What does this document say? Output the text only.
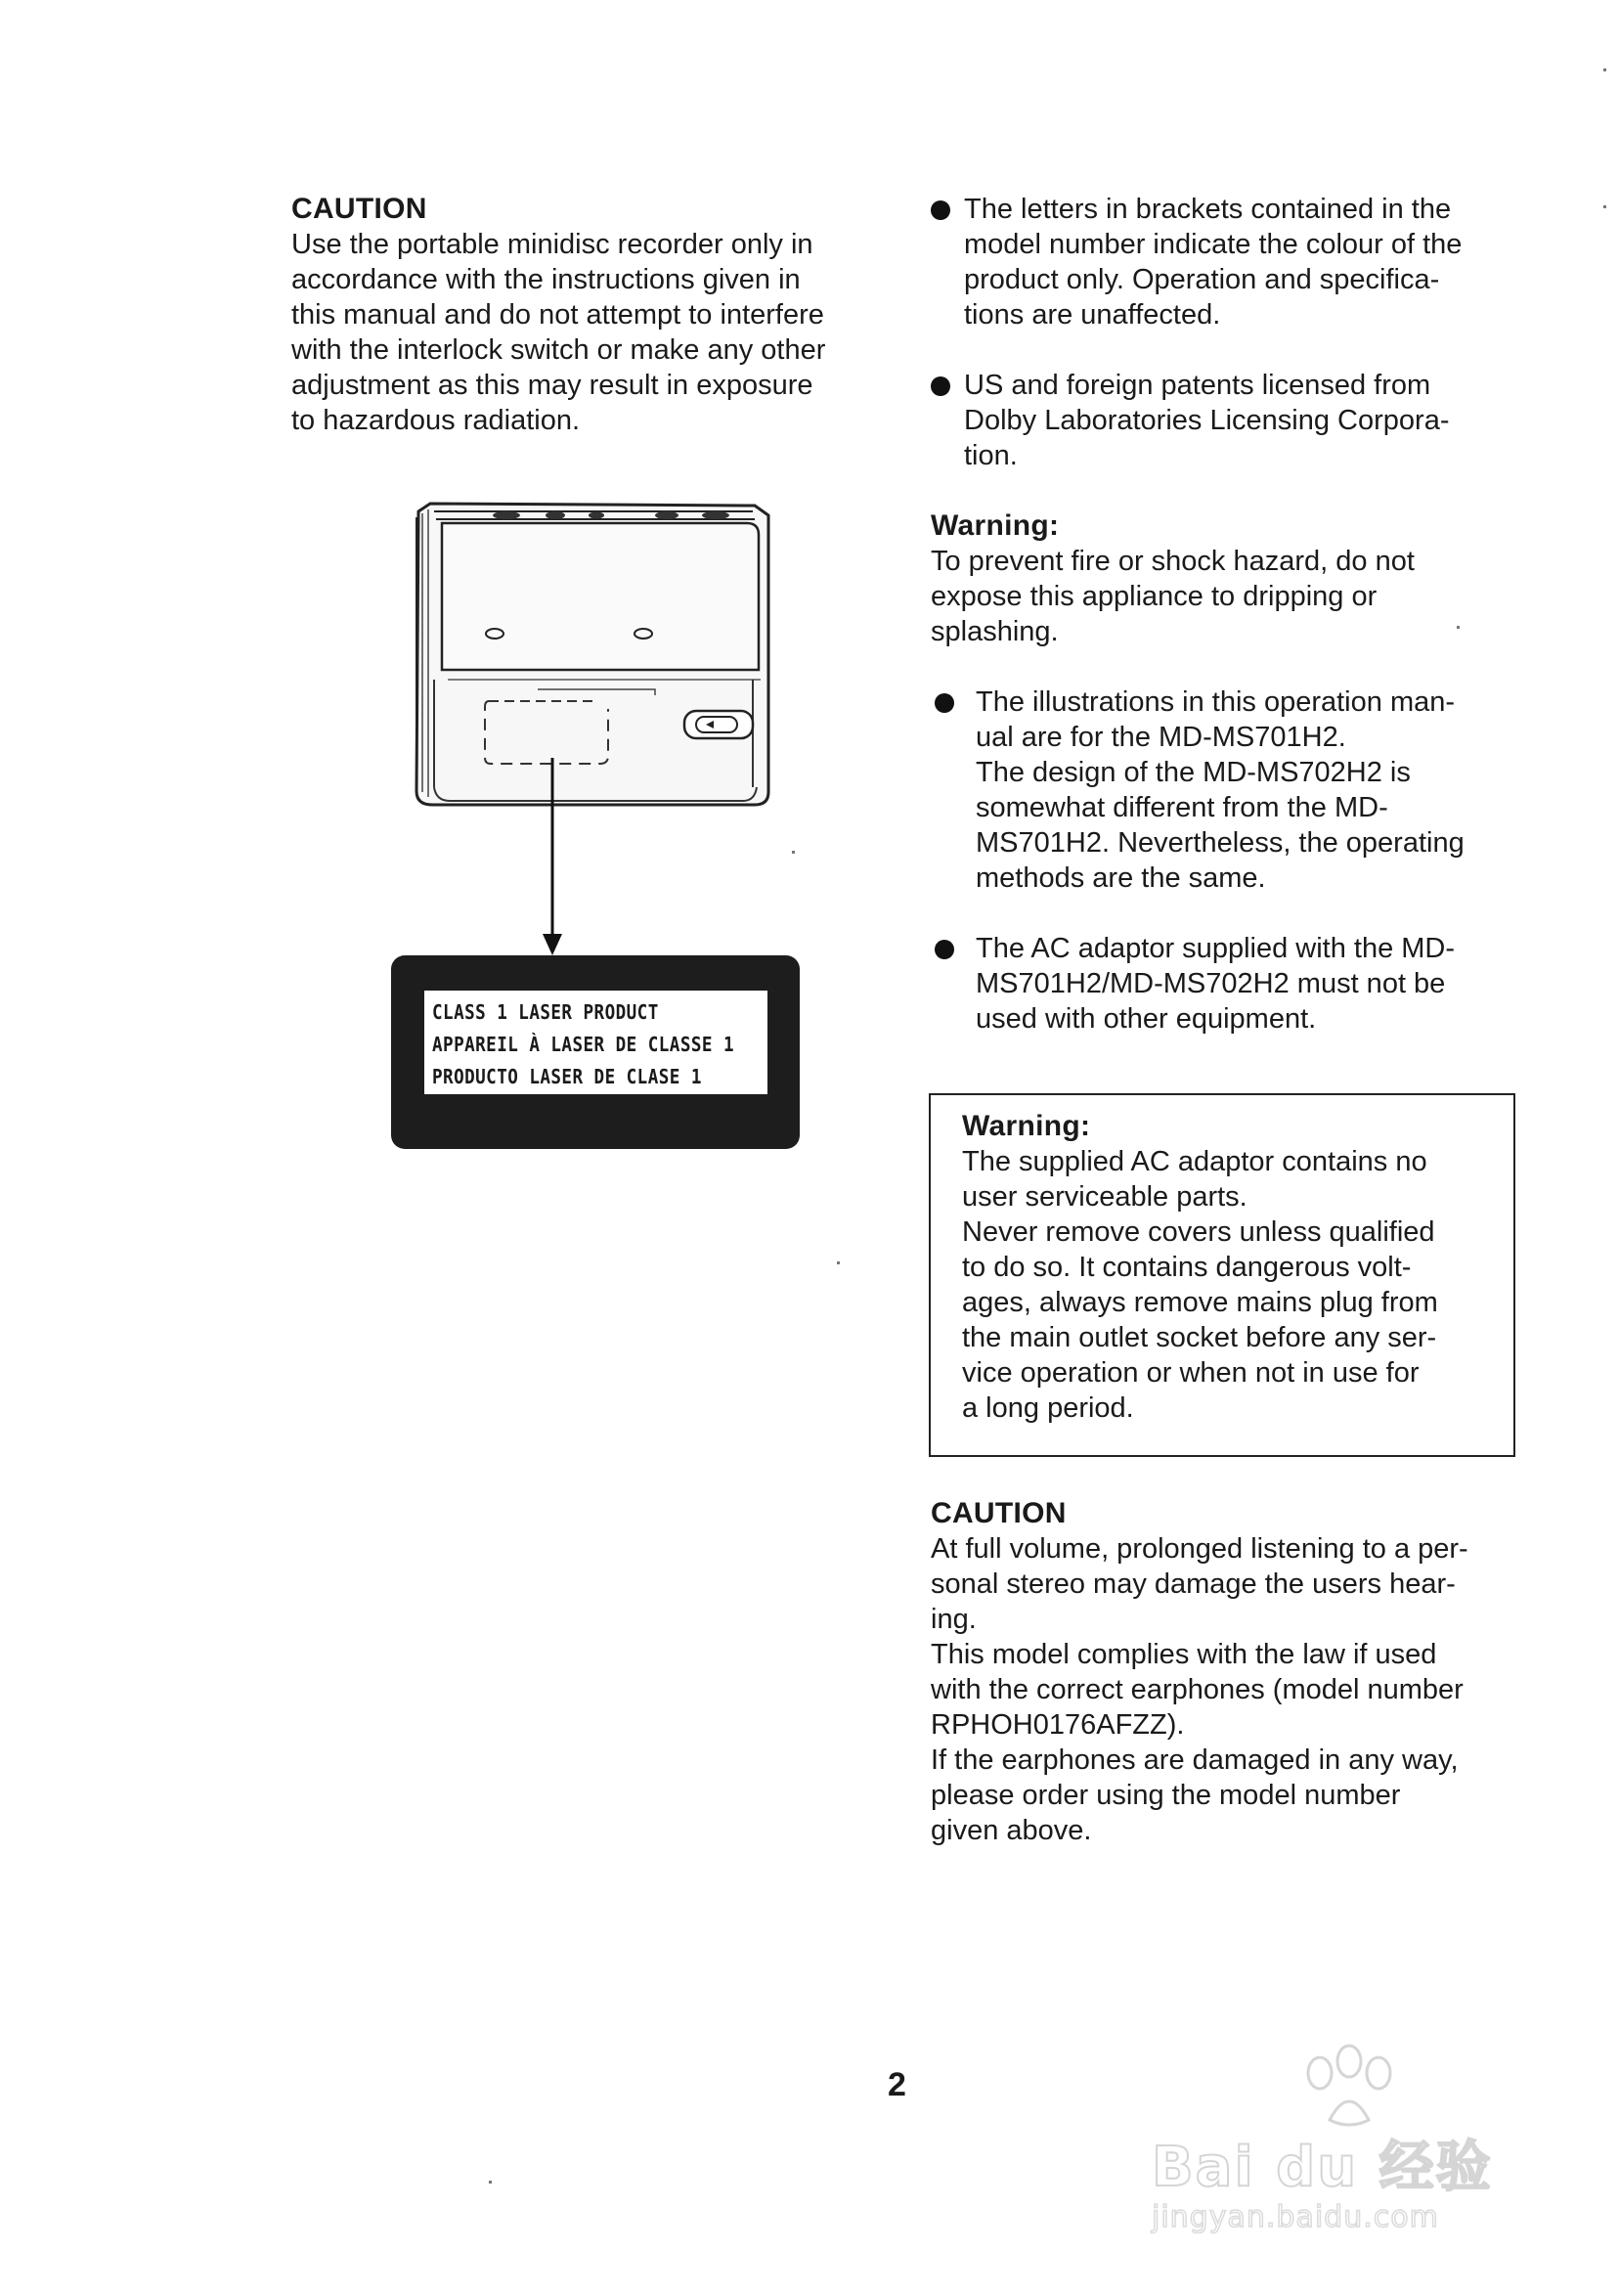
CAUTION

Use the portable minidisc recorder only in
accordance with the instructions given in
this manual and do not attempt to interfere
with the interlock switch or make any other
adjustment as this may result in exposure
to hazardous radiation.

CLASS 1 LASER PRODUCT
APPAREIL À LASER DE CLASSE 1
PRODUCTO LASER DE CLASE 1
The letters in brackets contained in the
model number indicate the colour of the
product only. Operation and specifica-
tions are unaffected.
US and foreign patents licensed from
Dolby Laboratories Licensing Corpora-
tion.
Warning:

To prevent fire or shock hazard, do not
expose this appliance to dripping or
splashing.

The illustrations in this operation man-
ual are for the MD-MS701H2.
The design of the MD-MS702H2 is
somewhat different from the MD-
MS701H2. Nevertheless, the operating
methods are the same.
The AC adaptor supplied with the MD-
MS701H2/MD-MS702H2 must not be
used with other equipment.
Warning:

The supplied AC adaptor contains no
user serviceable parts.
Never remove covers unless qualified
to do so. It contains dangerous volt-
ages, always remove mains plug from
the main outlet socket before any ser-
vice operation or when not in use for
a long period.

CAUTION

At full volume, prolonged listening to a per-
sonal stereo may damage the users hear-
ing.
This model complies with the law if used
with the correct earphones (model number
RPHOH0176AFZZ).
If the earphones are damaged in any way,
please order using the model number
given above.

2
Bai du 经验
jingyan.baidu.com
